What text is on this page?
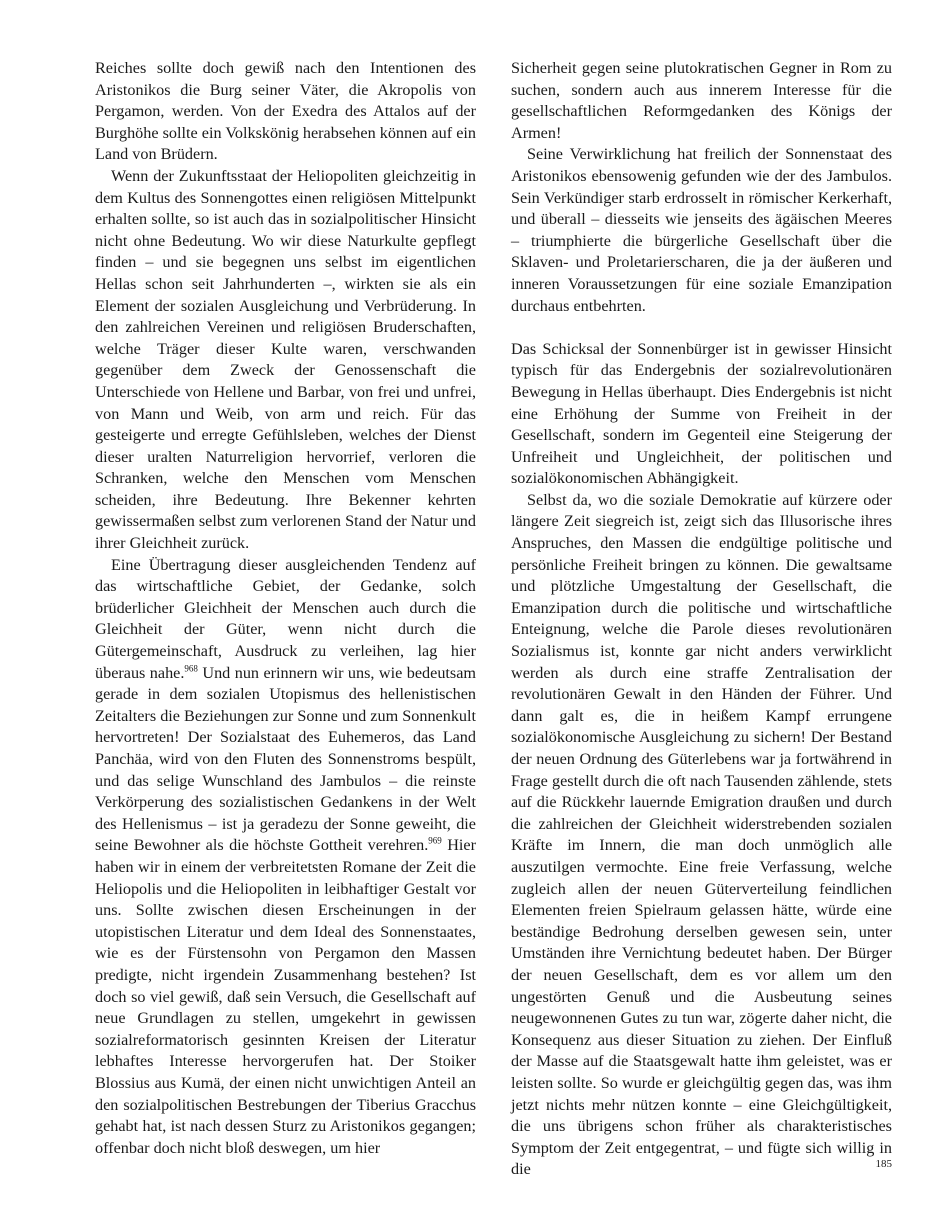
Reiches sollte doch gewiß nach den Intentionen des Aristonikos die Burg seiner Väter, die Akropolis von Pergamon, werden. Von der Exedra des Attalos auf der Burghöhe sollte ein Volkskönig herabsehen können auf ein Land von Brüdern.

Wenn der Zukunftsstaat der Heliopoliten gleichzeitig in dem Kultus des Sonnengottes einen religiösen Mittelpunkt erhalten sollte, so ist auch das in sozialpolitischer Hinsicht nicht ohne Bedeutung. Wo wir diese Naturkulte gepflegt finden – und sie begegnen uns selbst im eigentlichen Hellas schon seit Jahrhunderten –, wirkten sie als ein Element der sozialen Ausgleichung und Verbrüderung. In den zahlreichen Vereinen und religiösen Bruderschaften, welche Träger dieser Kulte waren, verschwanden gegenüber dem Zweck der Genossenschaft die Unterschiede von Hellene und Barbar, von frei und unfrei, von Mann und Weib, von arm und reich. Für das gesteigerte und erregte Gefühlsleben, welches der Dienst dieser uralten Naturreligion hervorrief, verloren die Schranken, welche den Menschen vom Menschen scheiden, ihre Bedeutung. Ihre Bekenner kehrten gewissermaßen selbst zum verlorenen Stand der Natur und ihrer Gleichheit zurück.

Eine Übertragung dieser ausgleichenden Tendenz auf das wirtschaftliche Gebiet, der Gedanke, solch brüderlicher Gleichheit der Menschen auch durch die Gleichheit der Güter, wenn nicht durch die Gütergemeinschaft, Ausdruck zu verleihen, lag hier überaus nahe.$^{968}$ Und nun erinnern wir uns, wie bedeutsam gerade in dem sozialen Utopismus des hellenistischen Zeitalters die Beziehungen zur Sonne und zum Sonnenkult hervortreten! Der Sozialstaat des Euhemeros, das Land Panchäa, wird von den Fluten des Sonnenstroms bespült, und das selige Wunschland des Jambulos – die reinste Verkörperung des sozialistischen Gedankens in der Welt des Hellenismus – ist ja geradezu der Sonne geweiht, die seine Bewohner als die höchste Gottheit verehren.$^{969}$ Hier haben wir in einem der verbreitetsten Romane der Zeit die Heliopolis und die Heliopoliten in leibhaftiger Gestalt vor uns. Sollte zwischen diesen Erscheinungen in der utopistischen Literatur und dem Ideal des Sonnenstaates, wie es der Fürstensohn von Pergamon den Massen predigte, nicht irgendein Zusammenhang bestehen? Ist doch so viel gewiß, daß sein Versuch, die Gesellschaft auf neue Grundlagen zu stellen, umgekehrt in gewissen sozialreformatorisch gesinnten Kreisen der Literatur lebhaftes Interesse hervorgerufen hat. Der Stoiker Blossius aus Kumä, der einen nicht unwichtigen Anteil an den sozialpolitischen Bestrebungen der Tiberius Gracchus gehabt hat, ist nach dessen Sturz zu Aristonikos gegangen; offenbar doch nicht bloß deswegen, um hier

Sicherheit gegen seine plutokratischen Gegner in Rom zu suchen, sondern auch aus innerem Interesse für die gesellschaftlichen Reformgedanken des Königs der Armen!

Seine Verwirklichung hat freilich der Sonnenstaat des Aristonikos ebensowenig gefunden wie der des Jambulos. Sein Verkündiger starb erdrosselt in römischer Kerkerhaft, und überall – diesseits wie jenseits des ägäischen Meeres – triumphierte die bürgerliche Gesellschaft über die Sklaven- und Proletarierscharen, die ja der äußeren und inneren Voraussetzungen für eine soziale Emanzipation durchaus entbehrten.

Das Schicksal der Sonnenbürger ist in gewisser Hinsicht typisch für das Endergebnis der sozialrevolutionären Bewegung in Hellas überhaupt. Dies Endergebnis ist nicht eine Erhöhung der Summe von Freiheit in der Gesellschaft, sondern im Gegenteil eine Steigerung der Unfreiheit und Ungleichheit, der politischen und sozialökonomischen Abhängigkeit.

Selbst da, wo die soziale Demokratie auf kürzere oder längere Zeit siegreich ist, zeigt sich das Illusorische ihres Anspruches, den Massen die endgültige politische und persönliche Freiheit bringen zu können. Die gewaltsame und plötzliche Umgestaltung der Gesellschaft, die Emanzipation durch die politische und wirtschaftliche Enteignung, welche die Parole dieses revolutionären Sozialismus ist, konnte gar nicht anders verwirklicht werden als durch eine straffe Zentralisation der revolutionären Gewalt in den Händen der Führer. Und dann galt es, die in heißem Kampf errungene sozialökonomische Ausgleichung zu sichern! Der Bestand der neuen Ordnung des Güterlebens war ja fortwährend in Frage gestellt durch die oft nach Tausenden zählende, stets auf die Rückkehr lauernde Emigration draußen und durch die zahlreichen der Gleichheit widerstrebenden sozialen Kräfte im Innern, die man doch unmöglich alle auszutilgen vermochte. Eine freie Verfassung, welche zugleich allen der neuen Güterverteilung feindlichen Elementen freien Spielraum gelassen hätte, würde eine beständige Bedrohung derselben gewesen sein, unter Umständen ihre Vernichtung bedeutet haben. Der Bürger der neuen Gesellschaft, dem es vor allem um den ungestörten Genuß und die Ausbeutung seines neugewonnenen Gutes zu tun war, zögerte daher nicht, die Konsequenz aus dieser Situation zu ziehen. Der Einfluß der Masse auf die Staatsgewalt hatte ihm geleistet, was er leisten sollte. So wurde er gleichgültig gegen das, was ihm jetzt nichts mehr nützen konnte – eine Gleichgültigkeit, die uns übrigens schon früher als charakteristisches Symptom der Zeit entgegentrat, – und fügte sich willig in die	185
